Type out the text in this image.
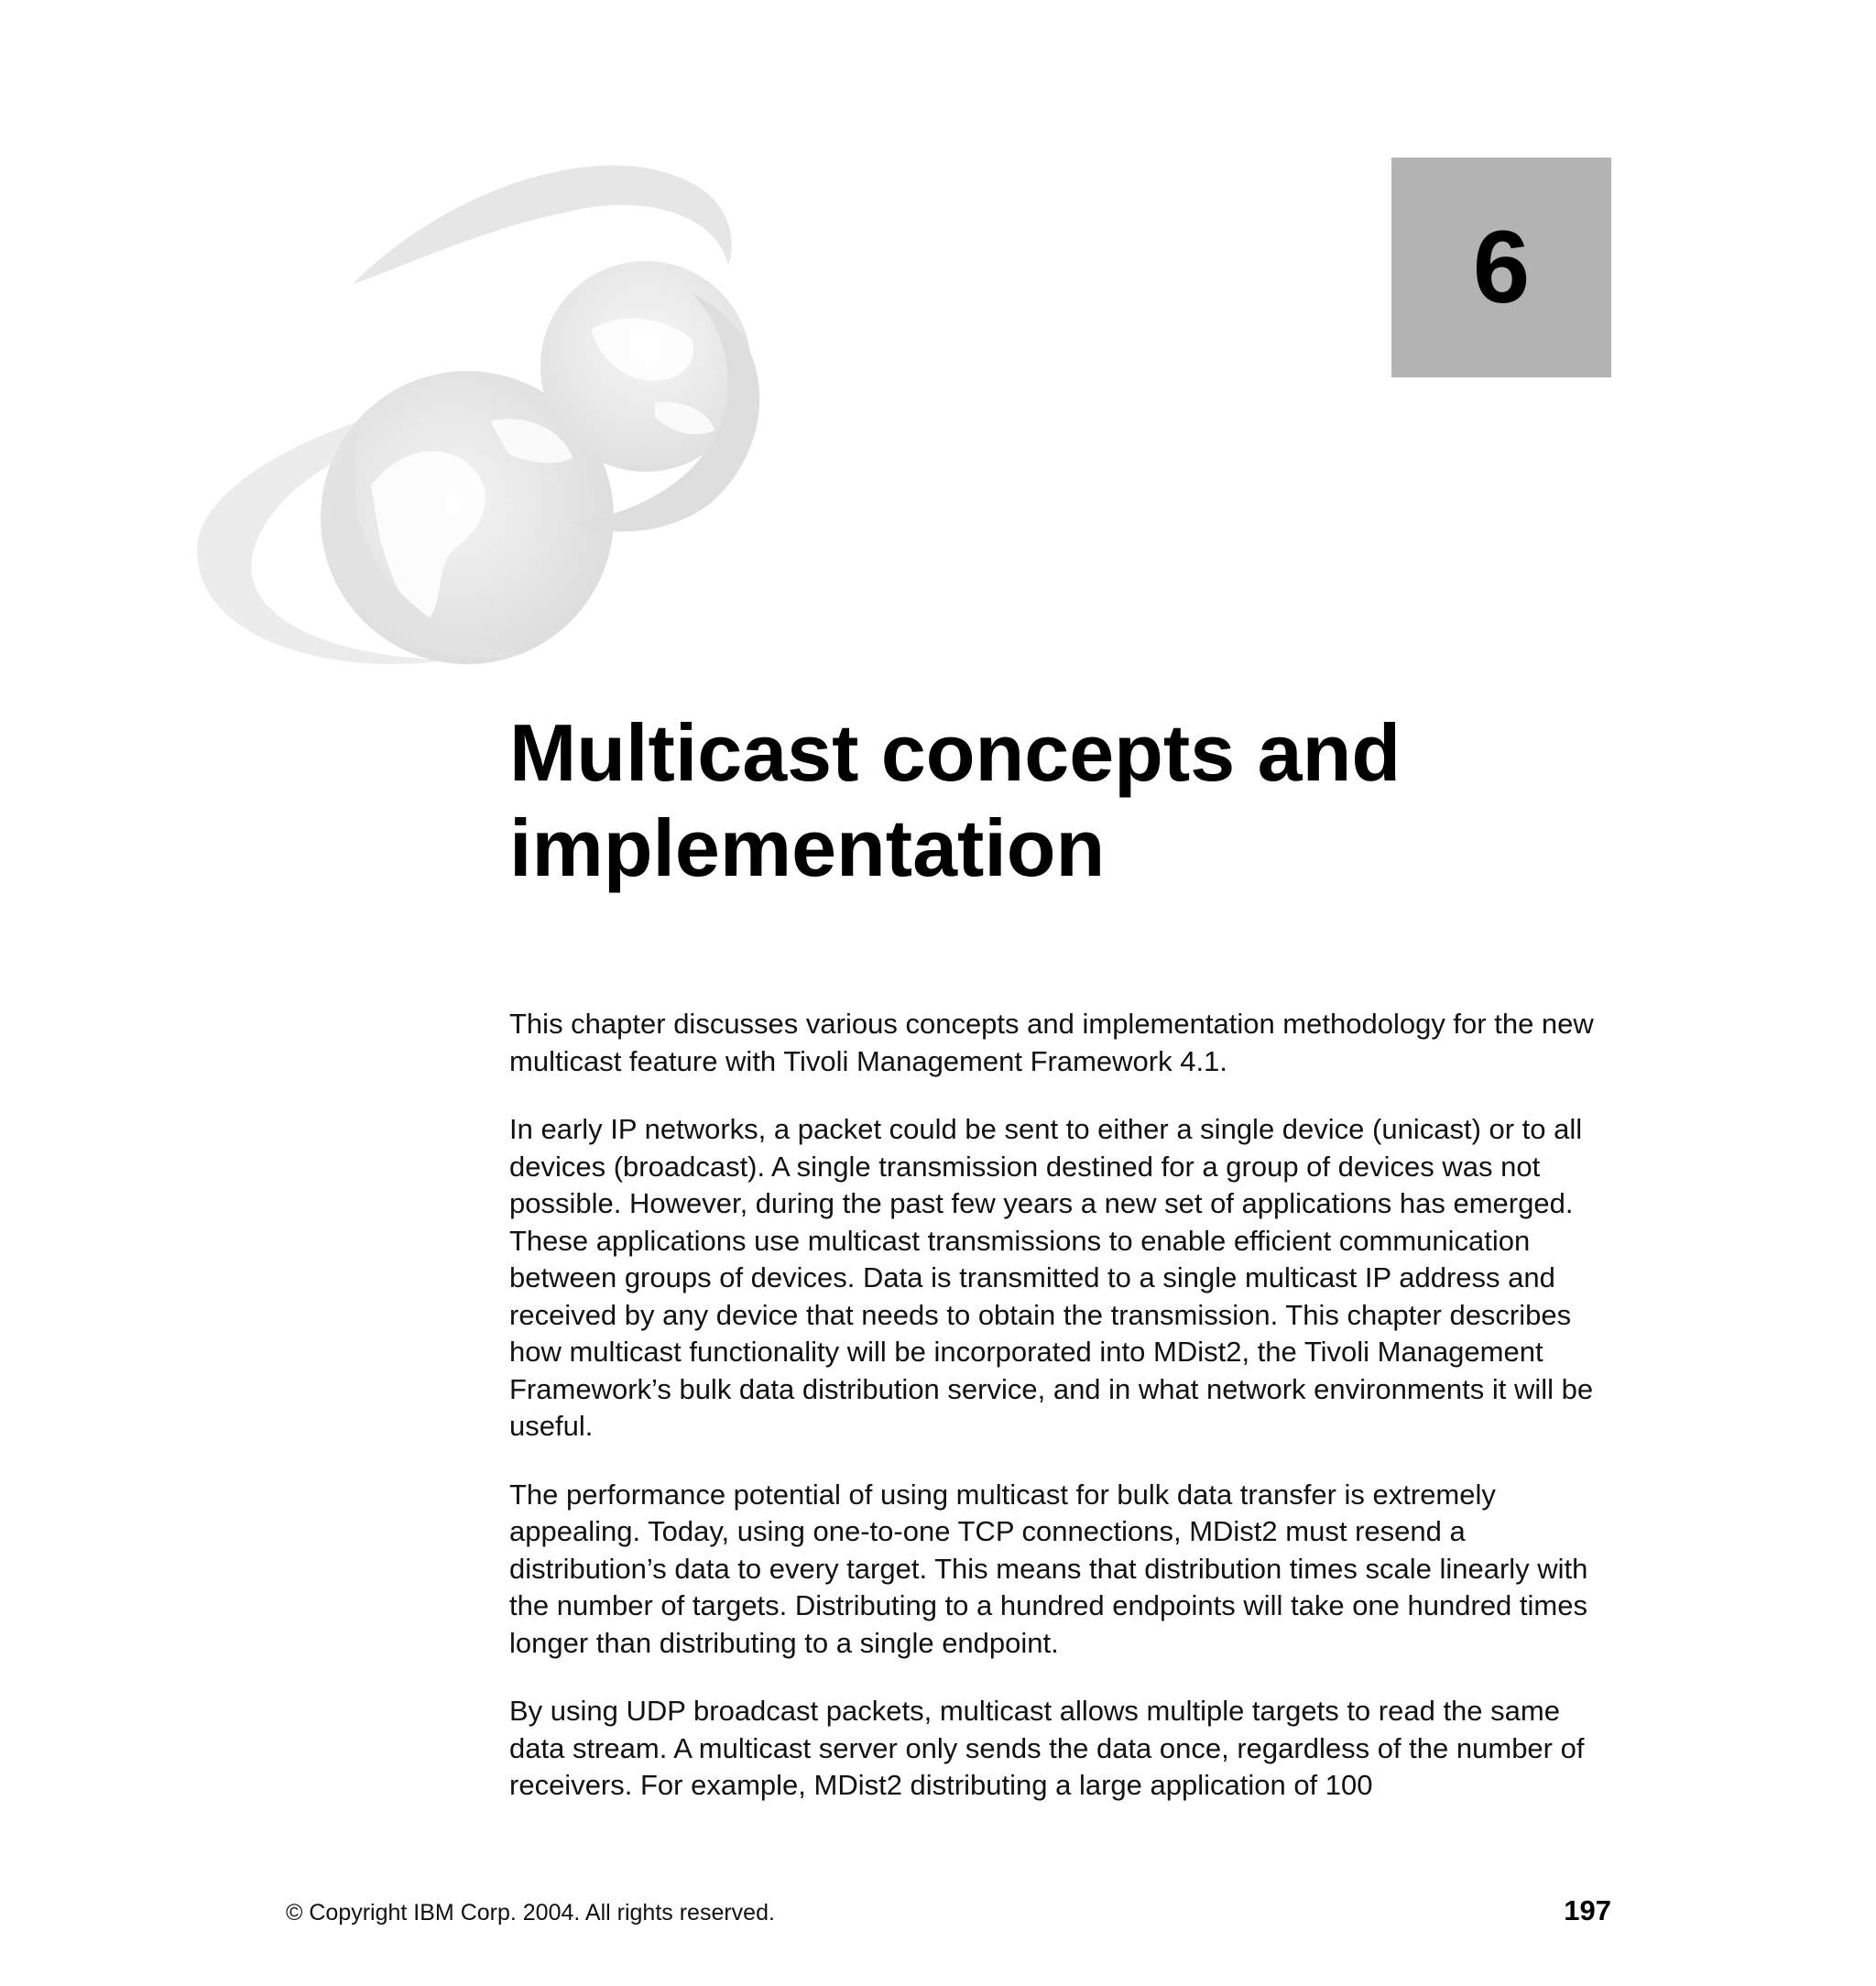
6
Multicast concepts and implementation

This chapter discusses various concepts and implementation methodology for the new multicast feature with Tivoli Management Framework 4.1.

In early IP networks, a packet could be sent to either a single device (unicast) or to all devices (broadcast). A single transmission destined for a group of devices was not possible. However, during the past few years a new set of applications has emerged. These applications use multicast transmissions to enable efficient communication between groups of devices. Data is transmitted to a single multicast IP address and received by any device that needs to obtain the transmission. This chapter describes how multicast functionality will be incorporated into MDist2, the Tivoli Management Framework’s bulk data distribution service, and in what network environments it will be useful.

The performance potential of using multicast for bulk data transfer is extremely appealing. Today, using one-to-one TCP connections, MDist2 must resend a distribution’s data to every target. This means that distribution times scale linearly with the number of targets. Distributing to a hundred endpoints will take one hundred times longer than distributing to a single endpoint.

By using UDP broadcast packets, multicast allows multiple targets to read the same data stream. A multicast server only sends the data once, regardless of the number of receivers. For example, MDist2 distributing a large application of 100

© Copyright IBM Corp. 2004. All rights reserved.	197
